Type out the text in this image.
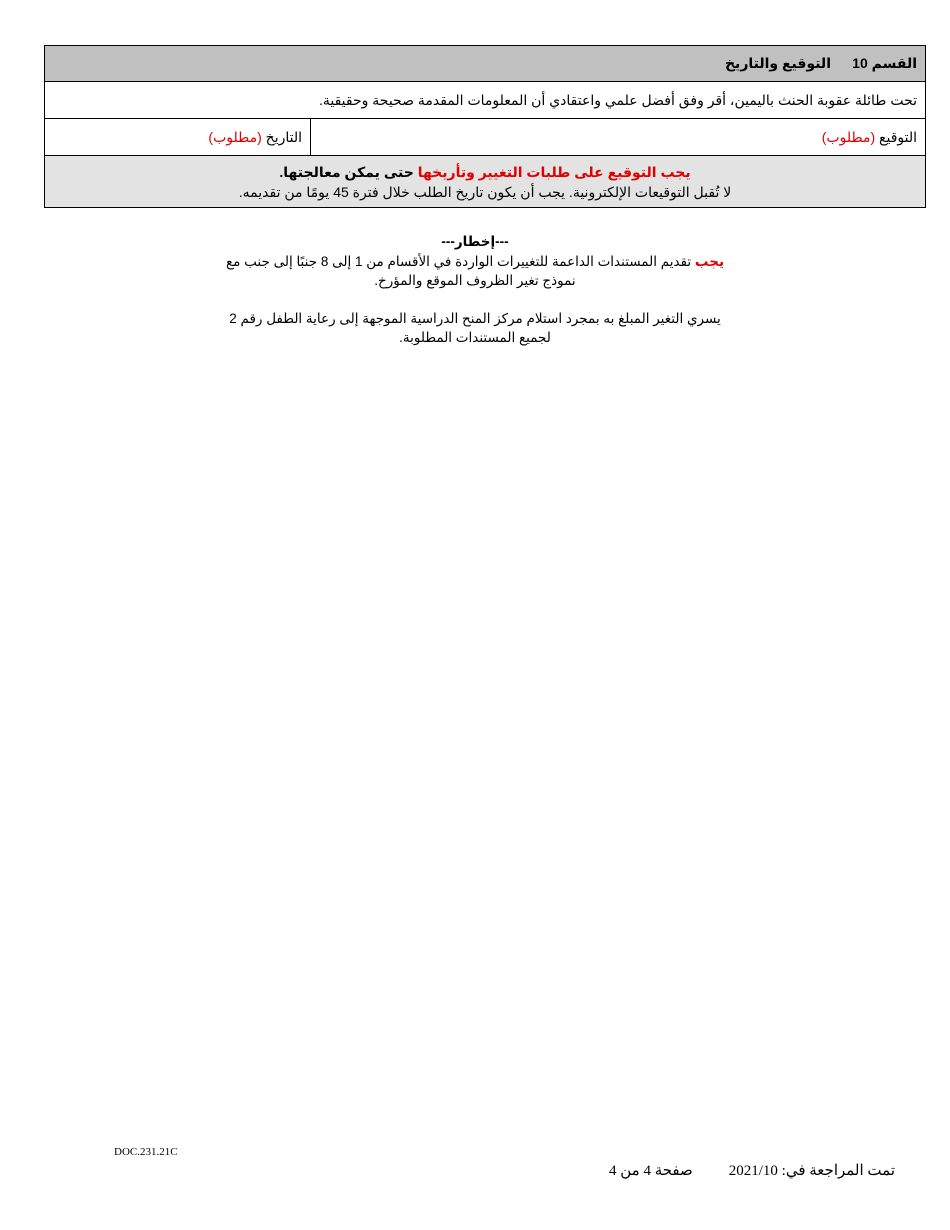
القسم 10التوقيع والتاريخ
تحت طائلة عقوبة الحنث باليمين، أقر وفق أفضل علمي واعتقادي أن المعلومات المقدمة صحيحة وحقيقية.
التوقيع (مطلوب)	التاريخ (مطلوب)

يجب التوقيع على طلبات التغيير وتأريخها حتى يمكن معالجتها.
لا تُقبل التوقيعات الإلكترونية. يجب أن يكون تاريخ الطلب خلال فترة 45 يومًا من تقديمه.
---إخطار---
يجب تقديم المستندات الداعمة للتغييرات الواردة في الأقسام من 1 إلى 8 جنبًا إلى جنب مع نموذج تغير الظروف الموقع والمؤرخ.
يسري التغير المبلغ به بمجرد استلام مركز المنح الدراسية الموجهة إلى رعاية الطفل رقم 2 لجميع المستندات المطلوبة.
DOC.231.21C
تمت المراجعة في: 2021/10صفحة 4 من 4
